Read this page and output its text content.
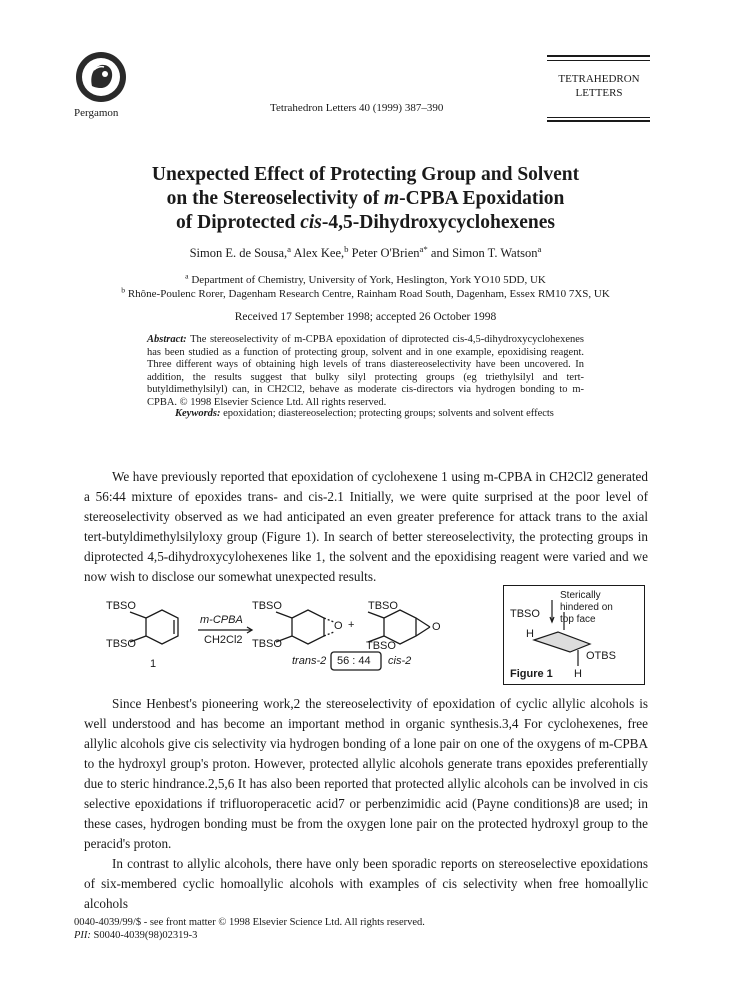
Pergamon	Tetrahedron Letters 40 (1999) 387–390
TETRAHEDRON
LETTERS
Unexpected Effect of Protecting Group and Solvent
on the Stereoselectivity of m-CPBA Epoxidation
of Diprotected cis-4,5-Dihydroxycyclohexenes
Simon E. de Sousa,$^a$ Alex Kee,$^b$ Peter O'Brien$^{a*}$ and Simon T. Watson$^a$
$^a$ Department of Chemistry, University of York, Heslington, York YO10 5DD, UK
$^b$ Rhône-Poulenc Rorer, Dagenham Research Centre, Rainham Road South, Dagenham, Essex RM10 7XS, UK
Received 17 September 1998; accepted 26 October 1998
Abstract: The stereoselectivity of m-CPBA epoxidation of diprotected cis-4,5-dihydroxycyclohexenes has been studied as a function of protecting group, solvent and in one example, epoxidising reagent. Three different ways of obtaining high levels of trans diastereoselectivity have been uncovered. In addition, the results suggest that bulky silyl protecting groups (eg triethylsilyl and tert-butyldimethylsilyl) can, in CH2Cl2, behave as moderate cis-directors via hydrogen bonding to m-CPBA. © 1998 Elsevier Science Ltd. All rights reserved.
Keywords: epoxidation; diastereoselection; protecting groups; solvents and solvent effects

We have previously reported that epoxidation of cyclohexene 1 using m-CPBA in CH2Cl2 generated a 56:44 mixture of epoxides trans- and cis-2.1 Initially, we were quite surprised at the poor level of stereoselectivity observed as we had anticipated an even greater preference for attack trans to the axial tert-butyldimethylsilyloxy group (Figure 1). In search of better stereoselectivity, the protecting groups in diprotected 4,5-dihydroxycylohexenes like 1, the solvent and the epoxidising reagent were varied and we now wish to disclose our somewhat unexpected results.

TBSO
TBSO
1
m-CPBA
CH2Cl2
TBSO
TBSO
O +
TBSO
TBSO
O
trans-2 56 : 44 cis-2
Sterically
hindered on
top face
TBSO
H
OTBS
H
Figure 1

Since Henbest's pioneering work,2 the stereoselectivity of epoxidation of cyclic allylic alcohols is well understood and has become an important method in organic synthesis.3,4 For cyclohexenes, free allylic alcohols give cis selectivity via hydrogen bonding of a lone pair on one of the oxygens of m-CPBA to the hydroxyl group's proton. However, protected allylic alcohols generate trans epoxides preferentially due to steric hindrance.2,5,6 It has also been reported that protected allylic alcohols can be involved in cis selective epoxidations if trifluoroperacetic acid7 or perbenzimidic acid (Payne conditions)8 are used; in these cases, hydrogen bonding must be from the oxygen lone pair on the protected hydroxyl group to the peracid's proton.

In contrast to allylic alcohols, there have only been sporadic reports on stereoselective epoxidations of six-membered cyclic homoallylic alcohols with examples of cis selectivity when free homoallylic alcohols

0040-4039/99/$ - see front matter © 1998 Elsevier Science Ltd. All rights reserved.
PII: S0040-4039(98)02319-3
